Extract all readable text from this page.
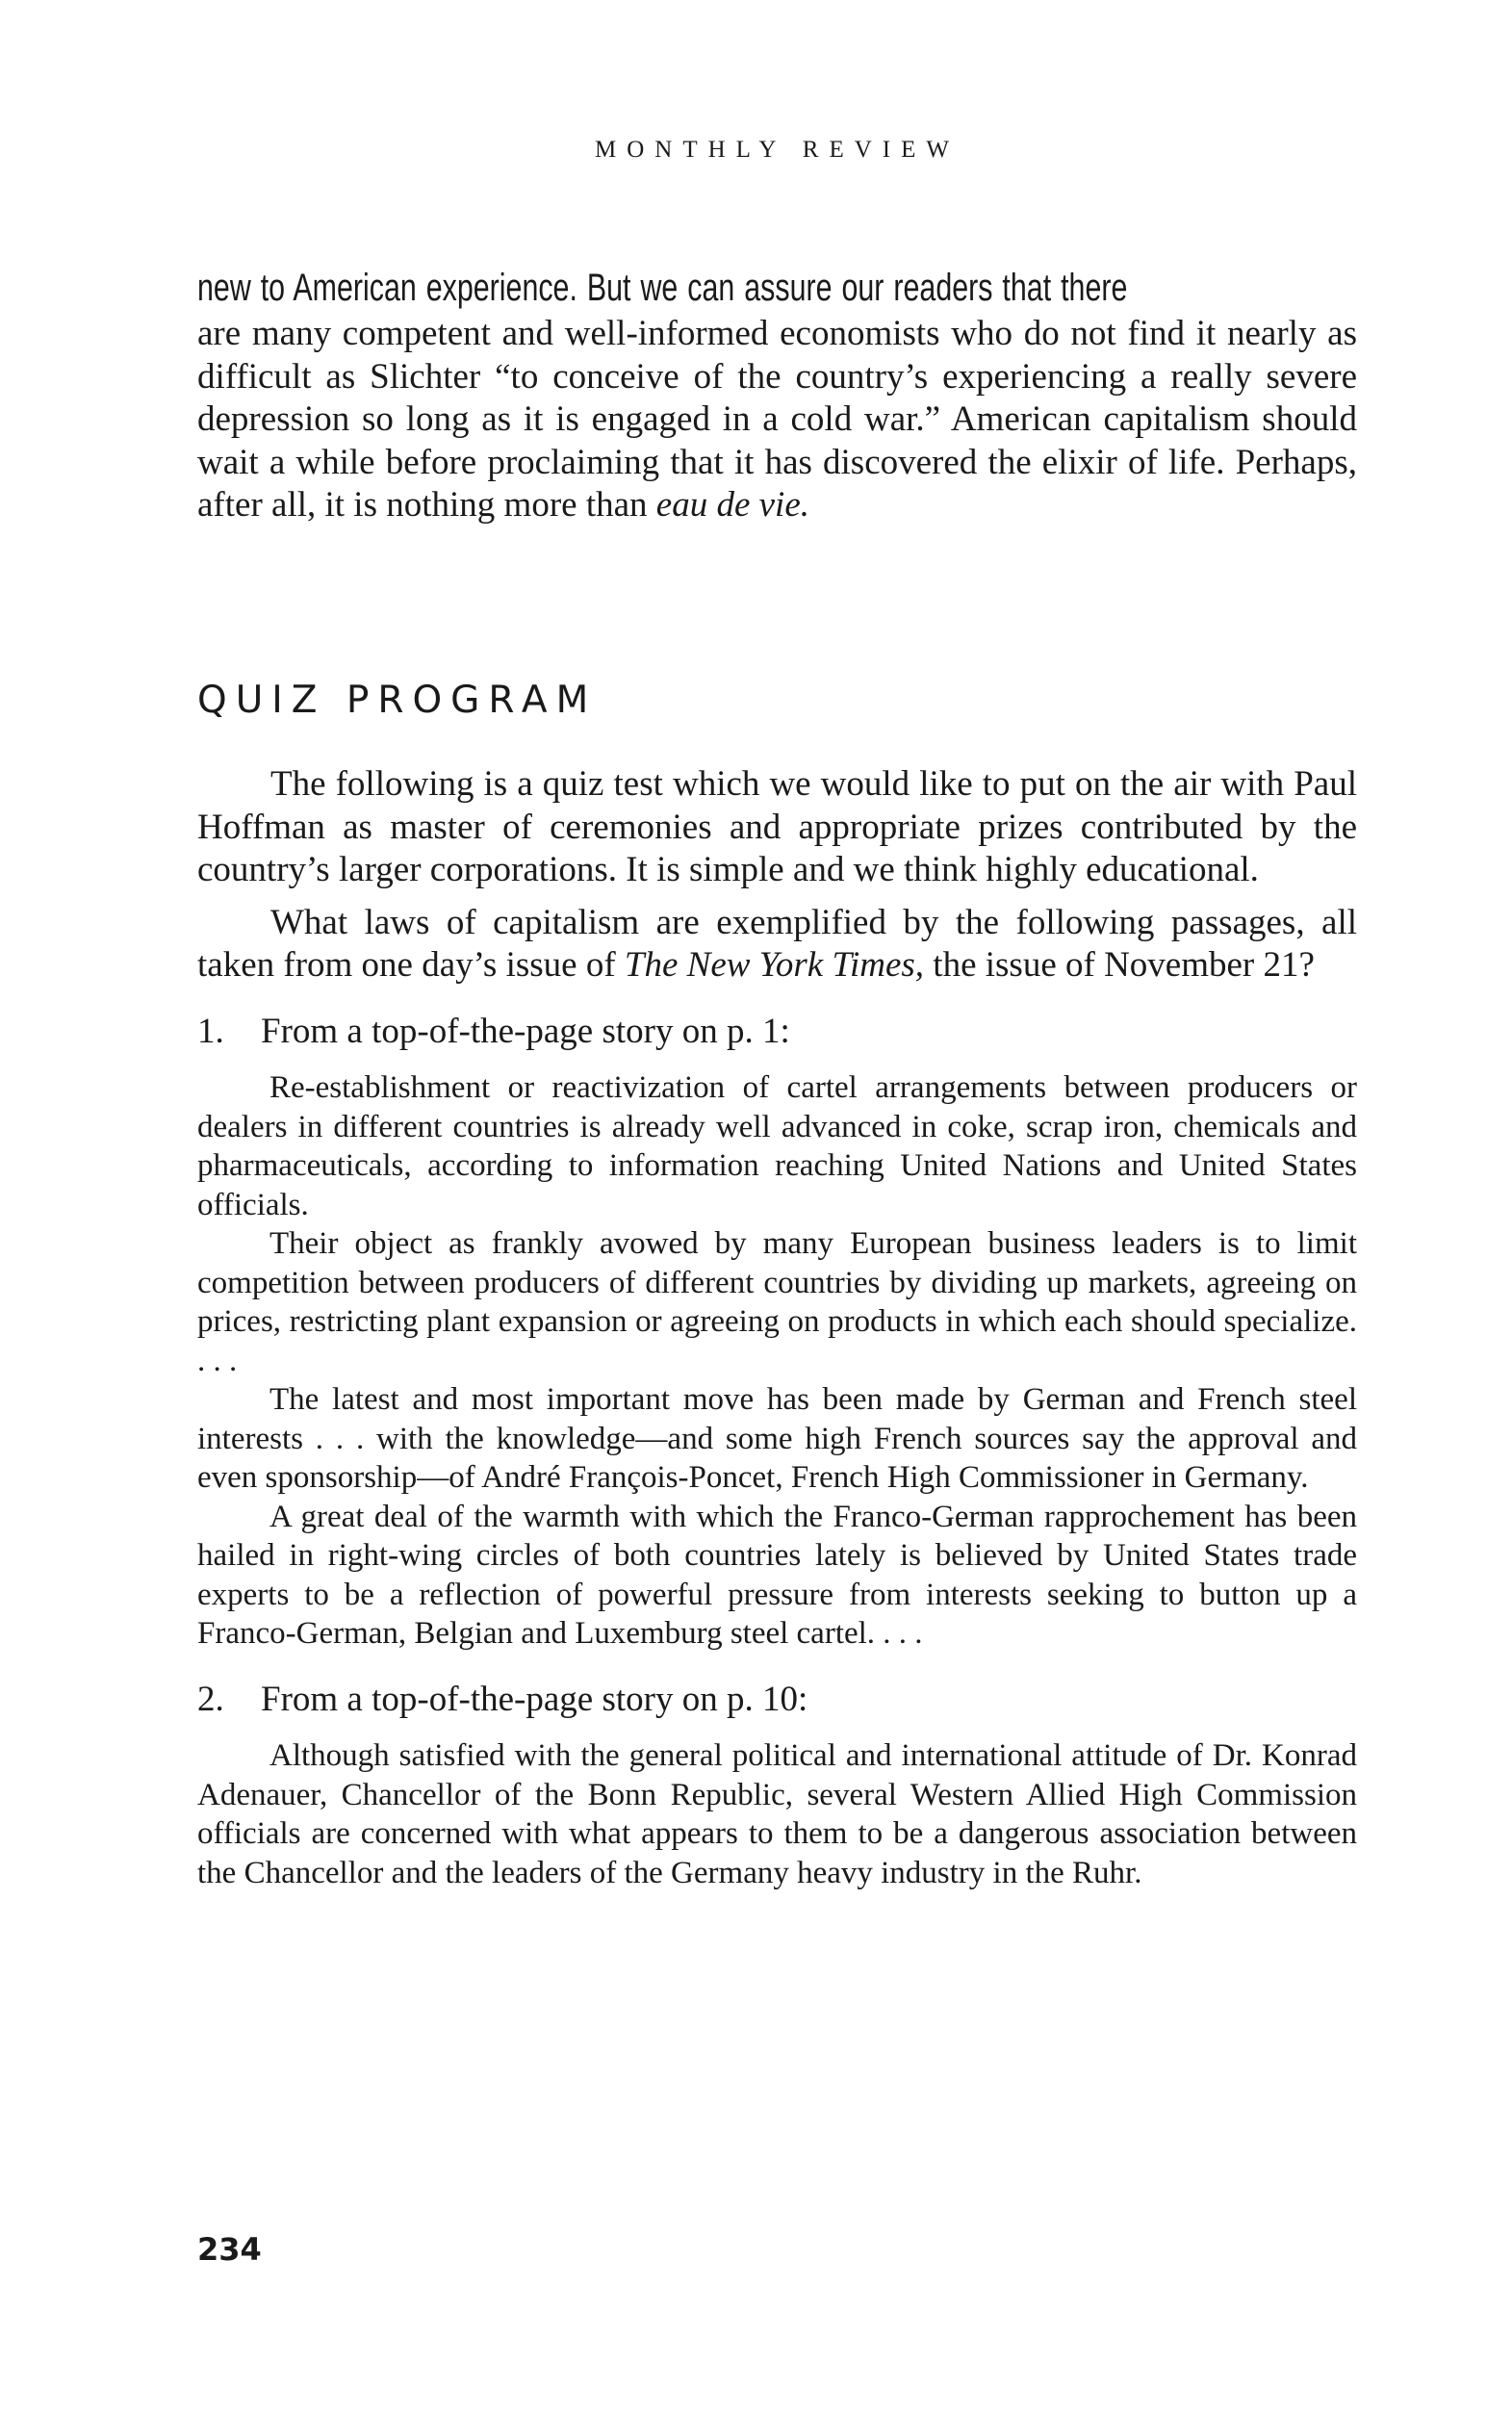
MONTHLY REVIEW
new to American experience. But we can assure our readers that there

are many competent and well-informed economists who do not find it nearly as difficult as Slichter “to conceive of the country’s experiencing a really severe depression so long as it is engaged in a cold war.” American capitalism should wait a while before proclaiming that it has discovered the elixir of life. Perhaps, after all, it is nothing more than eau de vie.

QUIZ PROGRAM

The following is a quiz test which we would like to put on the air with Paul Hoffman as master of ceremonies and appropriate prizes contributed by the country’s larger corporations. It is simple and we think highly educational.

What laws of capitalism are exemplified by the following passages, all taken from one day’s issue of The New York Times, the issue of November 21?

1. From a top-of-the-page story on p. 1:

Re-establishment or reactivization of cartel arrangements between producers or dealers in different countries is already well advanced in coke, scrap iron, chemicals and pharmaceuticals, according to information reaching United Nations and United States officials.

Their object as frankly avowed by many European business leaders is to limit competition between producers of different countries by dividing up markets, agreeing on prices, restricting plant expansion or agreeing on products in which each should specialize. . . .

The latest and most important move has been made by German and French steel interests . . . with the knowledge—and some high French sources say the approval and even sponsorship—of André François-Poncet, French High Commissioner in Germany.

A great deal of the warmth with which the Franco-German rapprochement has been hailed in right-wing circles of both countries lately is believed by United States trade experts to be a reflection of powerful pressure from interests seeking to button up a Franco-German, Belgian and Luxemburg steel cartel. . . .

2. From a top-of-the-page story on p. 10:

Although satisfied with the general political and international attitude of Dr. Konrad Adenauer, Chancellor of the Bonn Republic, several Western Allied High Commission officials are concerned with what appears to them to be a dangerous association between the Chancellor and the leaders of the Germany heavy industry in the Ruhr.

234
